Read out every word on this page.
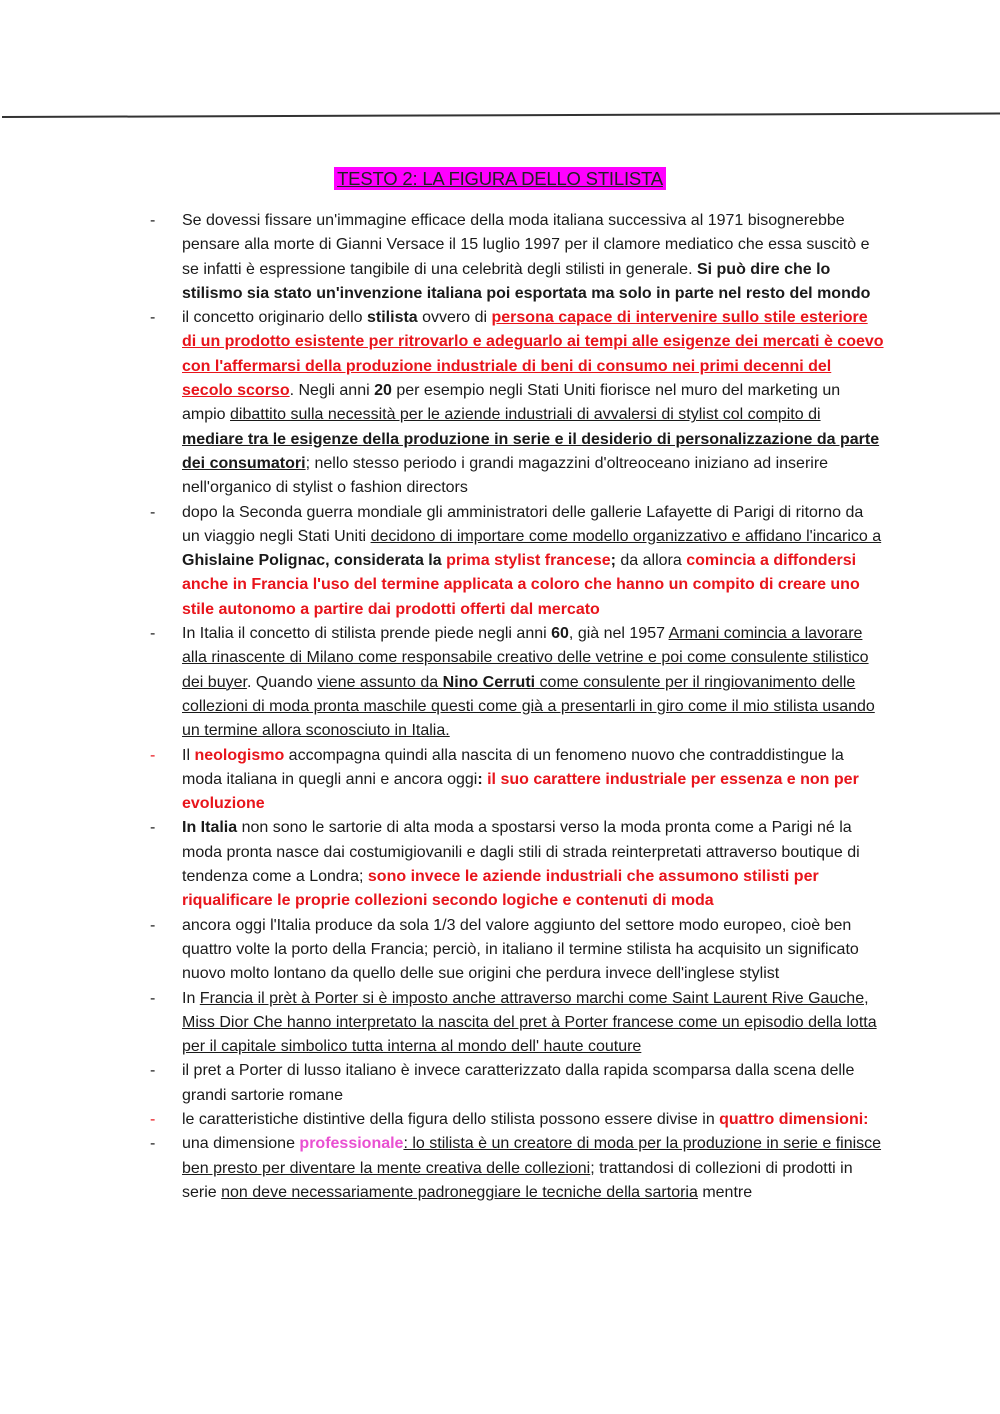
TESTO 2: LA FIGURA DELLO STILISTA
- Se dovessi fissare un'immagine efficace della moda italiana successiva al 1971 bisognerebbe pensare alla morte di Gianni Versace il 15 luglio 1997 per il clamore mediatico che essa suscitò e se infatti è espressione tangibile di una celebrità degli stilisti in generale. Si può dire che lo stilismo sia stato un'invenzione italiana poi esportata ma solo in parte nel resto del mondo
- il concetto originario dello stilista ovvero di persona capace di intervenire sullo stile esteriore di un prodotto esistente per ritrovarlo e adeguarlo ai tempi alle esigenze dei mercati è coevo con l'affermarsi della produzione industriale di beni di consumo nei primi decenni del secolo scorso. Negli anni 20 per esempio negli Stati Uniti fiorisce nel muro del marketing un ampio dibattito sulla necessità per le aziende industriali di avvalersi di stylist col compito di mediare tra le esigenze della produzione in serie e il desiderio di personalizzazione da parte dei consumatori; nello stesso periodo i grandi magazzini d'oltreoceano iniziano ad inserire nell'organico di stylist o fashion directors
- dopo la Seconda guerra mondiale gli amministratori delle gallerie Lafayette di Parigi di ritorno da un viaggio negli Stati Uniti decidono di importare come modello organizzativo e affidano l'incarico a Ghislaine Polignac, considerata la prima stylist francese; da allora comincia a diffondersi anche in Francia l'uso del termine applicata a coloro che hanno un compito di creare uno stile autonomo a partire dai prodotti offerti dal mercato
- In Italia il concetto di stilista prende piede negli anni 60, già nel 1957 Armani comincia a lavorare alla rinascente di Milano come responsabile creativo delle vetrine e poi come consulente stilistico dei buyer. Quando viene assunto da Nino Cerruti come consulente per il ringiovanimento delle collezioni di moda pronta maschile questi come già a presentarli in giro come il mio stilista usando un termine allora sconosciuto in Italia.
- Il neologismo accompagna quindi alla nascita di un fenomeno nuovo che contraddistingue la moda italiana in quegli anni e ancora oggi: il suo carattere industriale per essenza e non per evoluzione
- In Italia non sono le sartorie di alta moda a spostarsi verso la moda pronta come a Parigi né la moda pronta nasce dai costumigiovanili e dagli stili di strada reinterpretati attraverso boutique di tendenza come a Londra; sono invece le aziende industriali che assumono stilisti per riqualificare le proprie collezioni secondo logiche e contenuti di moda
- ancora oggi l'Italia produce da sola 1/3 del valore aggiunto del settore modo europeo, cioè ben quattro volte la porto della Francia; perciò, in italiano il termine stilista ha acquisito un significato nuovo molto lontano da quello delle sue origini che perdura invece dell'inglese stylist
- In Francia il prèt à Porter si è imposto anche attraverso marchi come Saint Laurent Rive Gauche, Miss Dior Che hanno interpretato la nascita del pret à Porter francese come un episodio della lotta per il capitale simbolico tutta interna al mondo dell' haute couture
- il pret a Porter di lusso italiano è invece caratterizzato dalla rapida scomparsa dalla scena delle grandi sartorie romane
- le caratteristiche distintive della figura dello stilista possono essere divise in quattro dimensioni:
- una dimensione professionale: lo stilista è un creatore di moda per la produzione in serie e finisce ben presto per diventare la mente creativa delle collezioni; trattandosi di collezioni di prodotti in serie non deve necessariamente padroneggiare le tecniche della sartoria mentre
